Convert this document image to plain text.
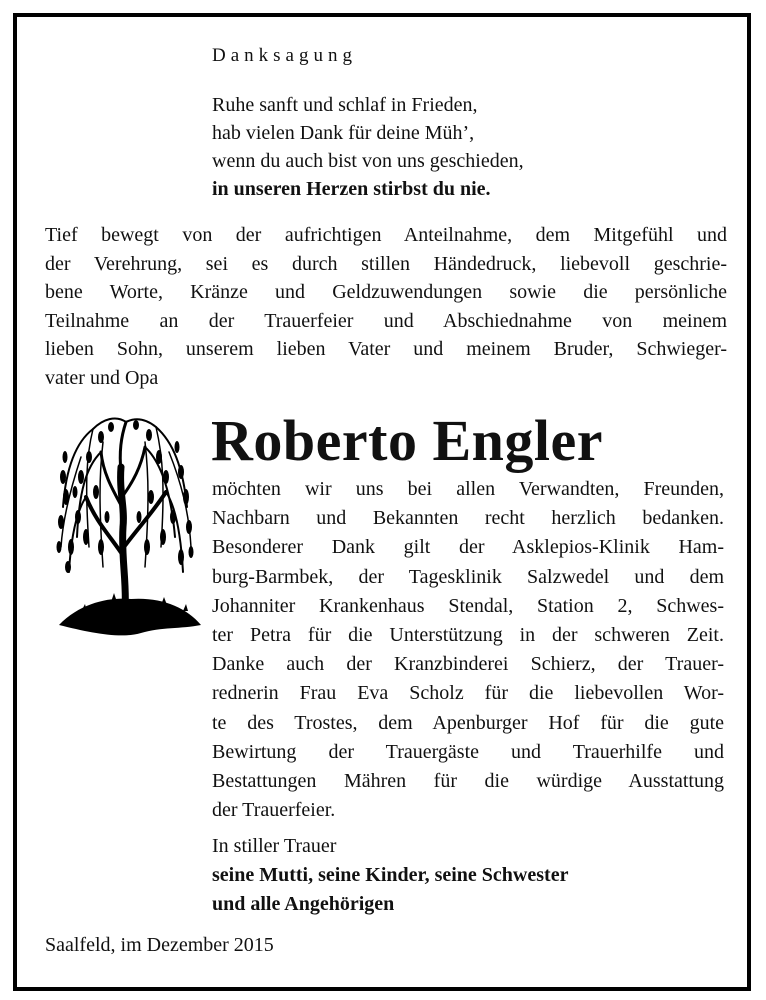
Danksagung
Ruhe sanft und schlaf in Frieden,
hab vielen Dank für deine Müh’,
wenn du auch bist von uns geschieden,
in unseren Herzen stirbst du nie.
Tief bewegt von der aufrichtigen Anteilnahme, dem Mitgefühl und
der Verehrung, sei es durch stillen Händedruck, liebevoll geschrie-
bene Worte, Kränze und Geldzuwendungen sowie die persönliche
Teilnahme an der Trauerfeier und Abschiednahme von meinem
lieben Sohn, unserem lieben Vater und meinem Bruder, Schwieger-
vater und Opa
Roberto Engler
möchten wir uns bei allen Verwandten, Freunden,
Nachbarn und Bekannten recht herzlich bedanken.
Besonderer Dank gilt der Asklepios-Klinik Ham-
burg-Barmbek, der Tagesklinik Salzwedel und dem
Johanniter Krankenhaus Stendal, Station 2, Schwes-
ter Petra für die Unterstützung in der schweren Zeit.
Danke auch der Kranzbinderei Schierz, der Trauer-
rednerin Frau Eva Scholz für die liebevollen Wor-
te des Trostes, dem Apenburger Hof für die gute
Bewirtung der Trauergäste und Trauerhilfe und
Bestattungen Mähren für die würdige Ausstattung
der Trauerfeier.
In stiller Trauer
seine Mutti, seine Kinder, seine Schwester
und alle Angehörigen
Saalfeld, im Dezember 2015
